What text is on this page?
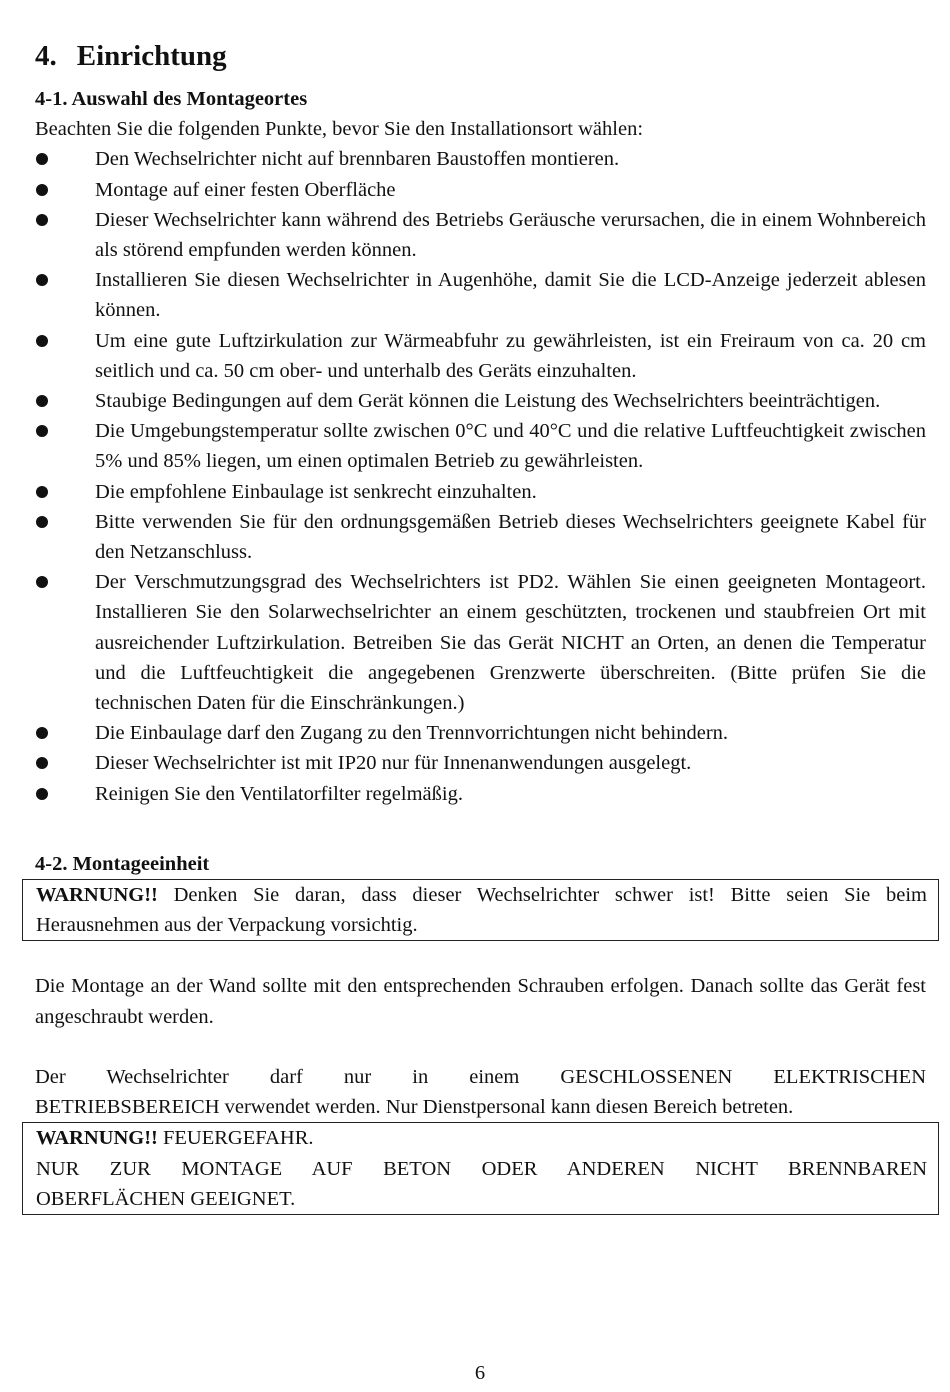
4. Einrichtung
4-1. Auswahl des Montageortes

Beachten Sie die folgenden Punkte, bevor Sie den Installationsort wählen:

Den Wechselrichter nicht auf brennbaren Baustoffen montieren.
Montage auf einer festen Oberfläche
Dieser Wechselrichter kann während des Betriebs Geräusche verursachen, die in einem Wohnbereich als störend empfunden werden können.
Installieren Sie diesen Wechselrichter in Augenhöhe, damit Sie die LCD-Anzeige jederzeit ablesen können.
Um eine gute Luftzirkulation zur Wärmeabfuhr zu gewährleisten, ist ein Freiraum von ca. 20 cm seitlich und ca. 50 cm ober- und unterhalb des Geräts einzuhalten.
Staubige Bedingungen auf dem Gerät können die Leistung des Wechselrichters beeinträchtigen.
Die Umgebungstemperatur sollte zwischen 0°C und 40°C und die relative Luftfeuchtigkeit zwischen 5% und 85% liegen, um einen optimalen Betrieb zu gewährleisten.
Die empfohlene Einbaulage ist senkrecht einzuhalten.
Bitte verwenden Sie für den ordnungsgemäßen Betrieb dieses Wechselrichters geeignete Kabel für den Netzanschluss.
Der Verschmutzungsgrad des Wechselrichters ist PD2. Wählen Sie einen geeigneten Montageort. Installieren Sie den Solarwechselrichter an einem geschützten, trockenen und staubfreien Ort mit ausreichender Luftzirkulation. Betreiben Sie das Gerät NICHT an Orten, an denen die Temperatur und die Luftfeuchtigkeit die angegebenen Grenzwerte überschreiten. (Bitte prüfen Sie die technischen Daten für die Einschränkungen.)
Die Einbaulage darf den Zugang zu den Trennvorrichtungen nicht behindern.
Dieser Wechselrichter ist mit IP20 nur für Innenanwendungen ausgelegt.
Reinigen Sie den Ventilatorfilter regelmäßig.
4-2. Montageeinheit

WARNUNG!! Denken Sie daran, dass dieser Wechselrichter schwer ist! Bitte seien Sie beim Herausnehmen aus der Verpackung vorsichtig.

Die Montage an der Wand sollte mit den entsprechenden Schrauben erfolgen. Danach sollte das Gerät fest angeschraubt werden.

Der Wechselrichter darf nur in einem GESCHLOSSENEN ELEKTRISCHEN

BETRIEBSBEREICH verwendet werden. Nur Dienstpersonal kann diesen Bereich betreten.

WARNUNG!! FEUERGEFAHR.

NUR ZUR MONTAGE AUF BETON ODER ANDEREN NICHT BRENNBAREN

OBERFLÄCHEN GEEIGNET.

6
